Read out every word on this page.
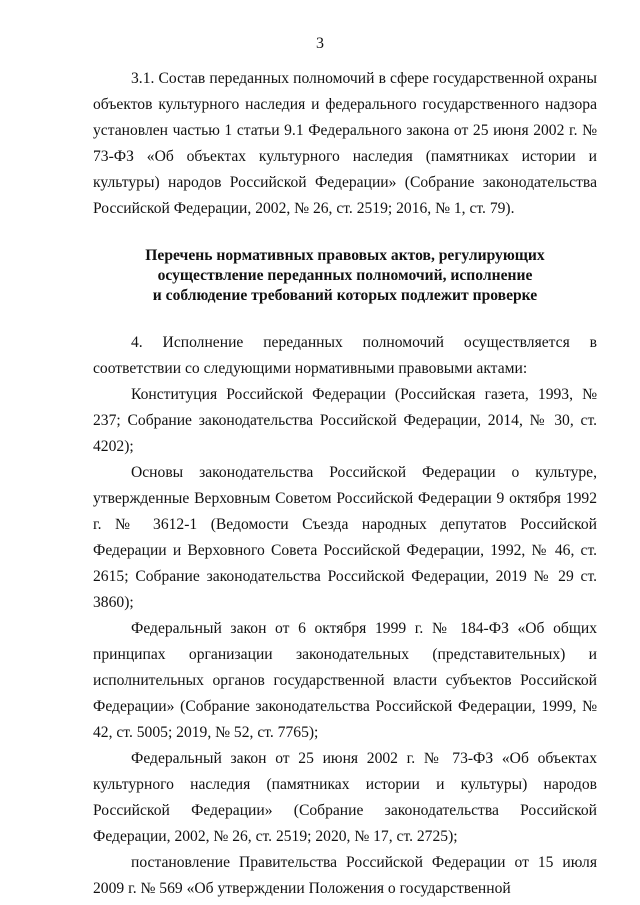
3

3.1. Состав переданных полномочий в сфере государственной охраны объектов культурного наследия и федерального государственного надзора установлен частью 1 статьи 9.1 Федерального закона от 25 июня 2002 г. № 73-ФЗ «Об объектах культурного наследия (памятниках истории и культуры) народов Российской Федерации» (Собрание законодательства Российской Федерации, 2002, № 26, ст. 2519; 2016, № 1, ст. 79).

Перечень нормативных правовых актов, регулирующих

осуществление переданных полномочий, исполнение

и соблюдение требований которых подлежит проверке

4. Исполнение переданных полномочий осуществляется в соответствии со следующими нормативными правовыми актами:

Конституция Российской Федерации (Российская газета, 1993, № 237; Собрание законодательства Российской Федерации, 2014, № 30, ст. 4202);

Основы законодательства Российской Федерации о культуре, утвержденные Верховным Советом Российской Федерации 9 октября 1992 г. № 3612-1 (Ведомости Съезда народных депутатов Российской Федерации и Верховного Совета Российской Федерации, 1992, № 46, ст. 2615; Собрание законодательства Российской Федерации, 2019 № 29 ст. 3860);

Федеральный закон от 6 октября 1999 г. № 184-ФЗ «Об общих принципах организации законодательных (представительных) и исполнительных органов государственной власти субъектов Российской Федерации» (Собрание законодательства Российской Федерации, 1999, № 42, ст. 5005; 2019, № 52, ст. 7765);

Федеральный закон от 25 июня 2002 г. № 73-ФЗ «Об объектах культурного наследия (памятниках истории и культуры) народов Российской Федерации» (Собрание законодательства Российской Федерации, 2002, № 26, ст. 2519; 2020, № 17, ст. 2725);

постановление Правительства Российской Федерации от 15 июля 2009 г. № 569 «Об утверждении Положения о государственной
